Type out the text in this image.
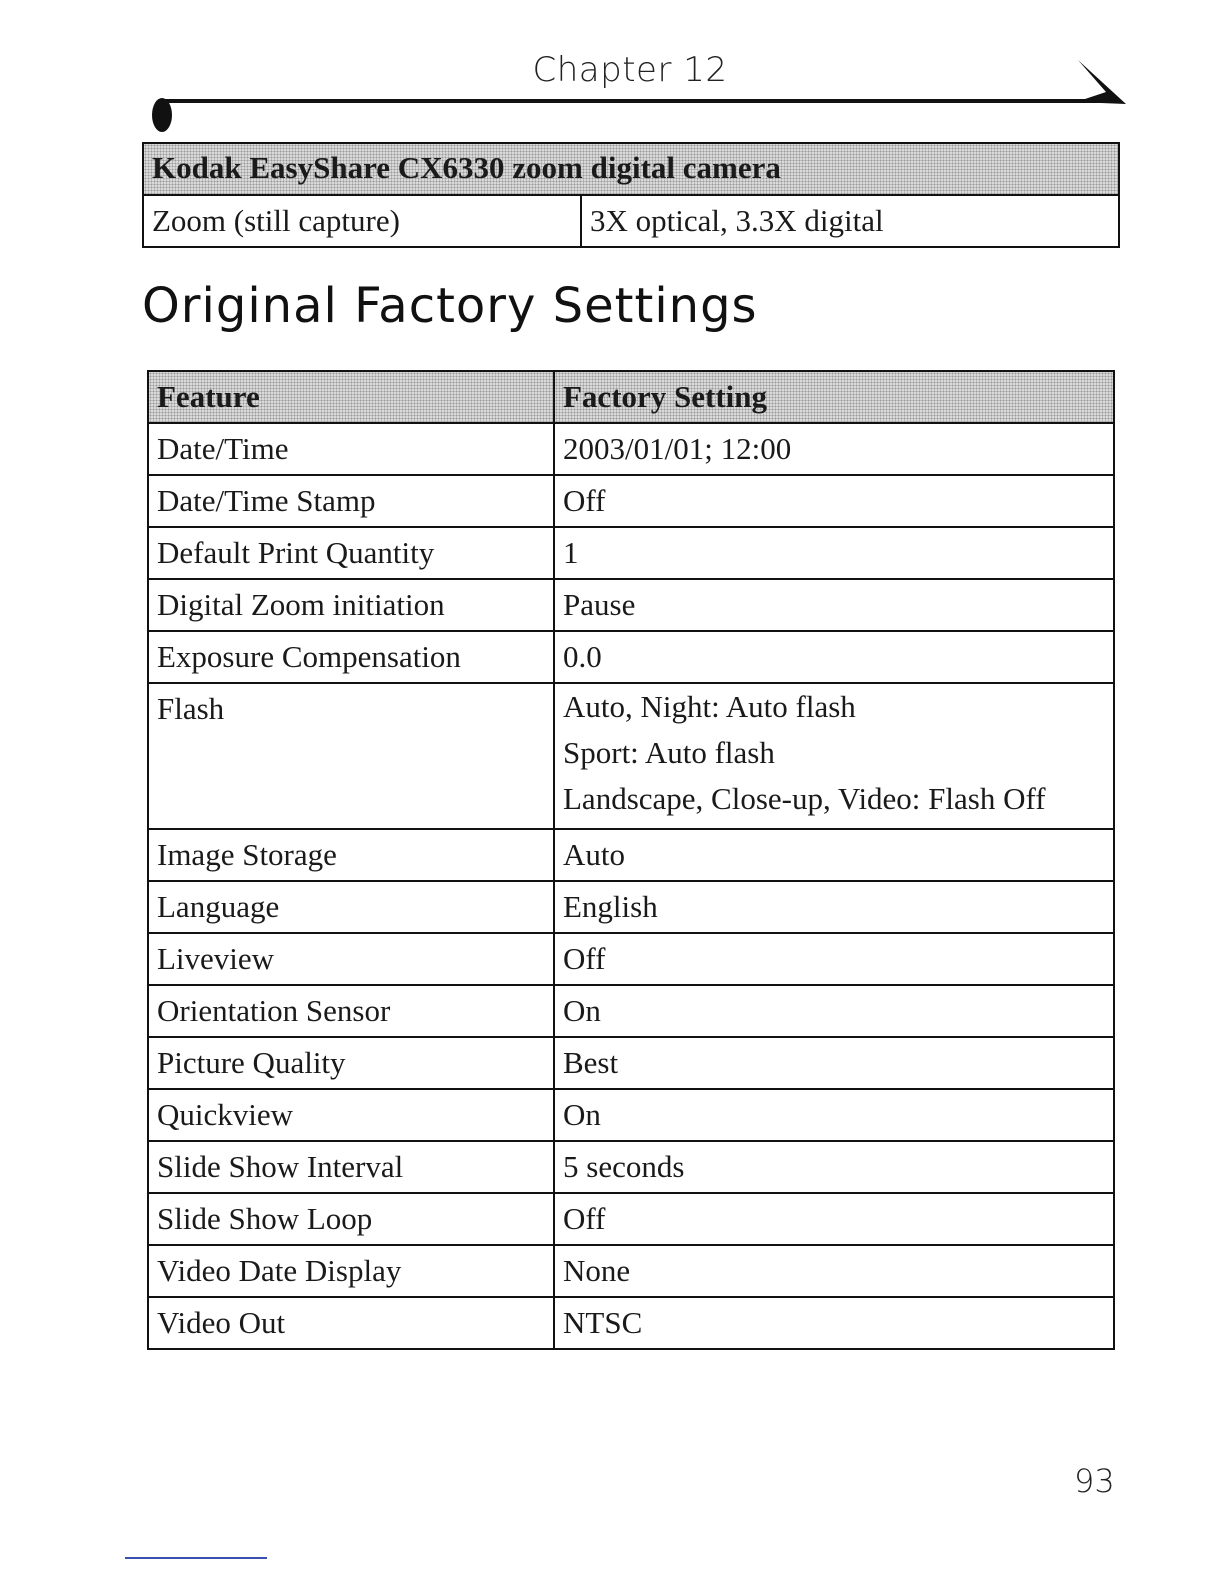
Chapter 12
Kodak EasyShare CX6330 zoom digital camera
Zoom (still capture)	3X optical, 3.3X digital
Original Factory Settings
Feature	Factory Setting
Date/Time	2003/01/01; 12:00
Date/Time Stamp	Off
Default Print Quantity	1
Digital Zoom initiation	Pause
Exposure Compensation	0.0
Flash	Auto, Night: Auto flash
Sport: Auto flash
Landscape, Close-up, Video: Flash Off

Image Storage	Auto
Language	English
Liveview	Off
Orientation Sensor	On
Picture Quality	Best
Quickview	On
Slide Show Interval	5 seconds
Slide Show Loop	Off
Video Date Display	None
Video Out	NTSC
93
